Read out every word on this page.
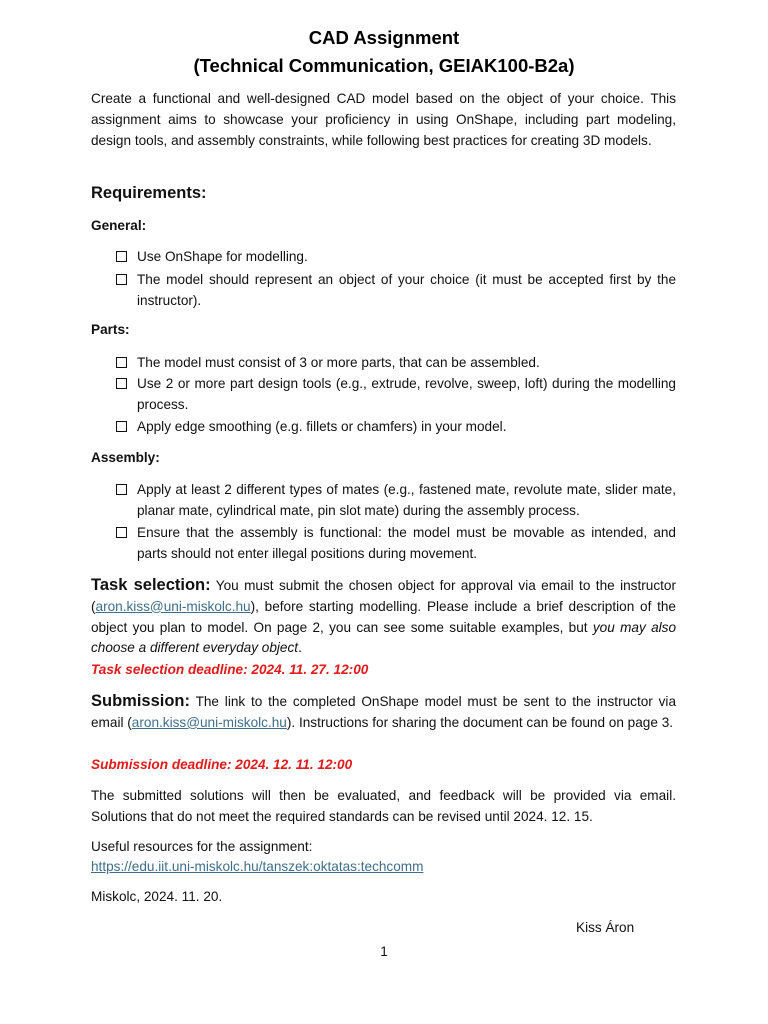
CAD Assignment
(Technical Communication, GEIAK100-B2a)

Create a functional and well-designed CAD model based on the object of your choice. This assignment aims to showcase your proficiency in using OnShape, including part modeling, design tools, and assembly constraints, while following best practices for creating 3D models.

Requirements:
General:
Use OnShape for modelling.
The model should represent an object of your choice (it must be accepted first by the instructor).
Parts:
The model must consist of 3 or more parts, that can be assembled.
Use 2 or more part design tools (e.g., extrude, revolve, sweep, loft) during the modelling process.
Apply edge smoothing (e.g. fillets or chamfers) in your model.
Assembly:
Apply at least 2 different types of mates (e.g., fastened mate, revolute mate, slider mate, planar mate, cylindrical mate, pin slot mate) during the assembly process.
Ensure that the assembly is functional: the model must be movable as intended, and parts should not enter illegal positions during movement.

Task selection: You must submit the chosen object for approval via email to the instructor (aron.kiss@uni-miskolc.hu), before starting modelling. Please include a brief description of the object you plan to model. On page 2, you can see some suitable examples, but you may also choose a different everyday object.

Task selection deadline: 2024. 11. 27. 12:00

Submission: The link to the completed OnShape model must be sent to the instructor via email (aron.kiss@uni-miskolc.hu). Instructions for sharing the document can be found on page 3.

Submission deadline: 2024. 12. 11. 12:00

The submitted solutions will then be evaluated, and feedback will be provided via email. Solutions that do not meet the required standards can be revised until 2024. 12. 15.

Useful resources for the assignment:

https://edu.iit.uni-miskolc.hu/tanszek:oktatas:techcomm

Miskolc, 2024. 11. 20.

Kiss Áron
1
